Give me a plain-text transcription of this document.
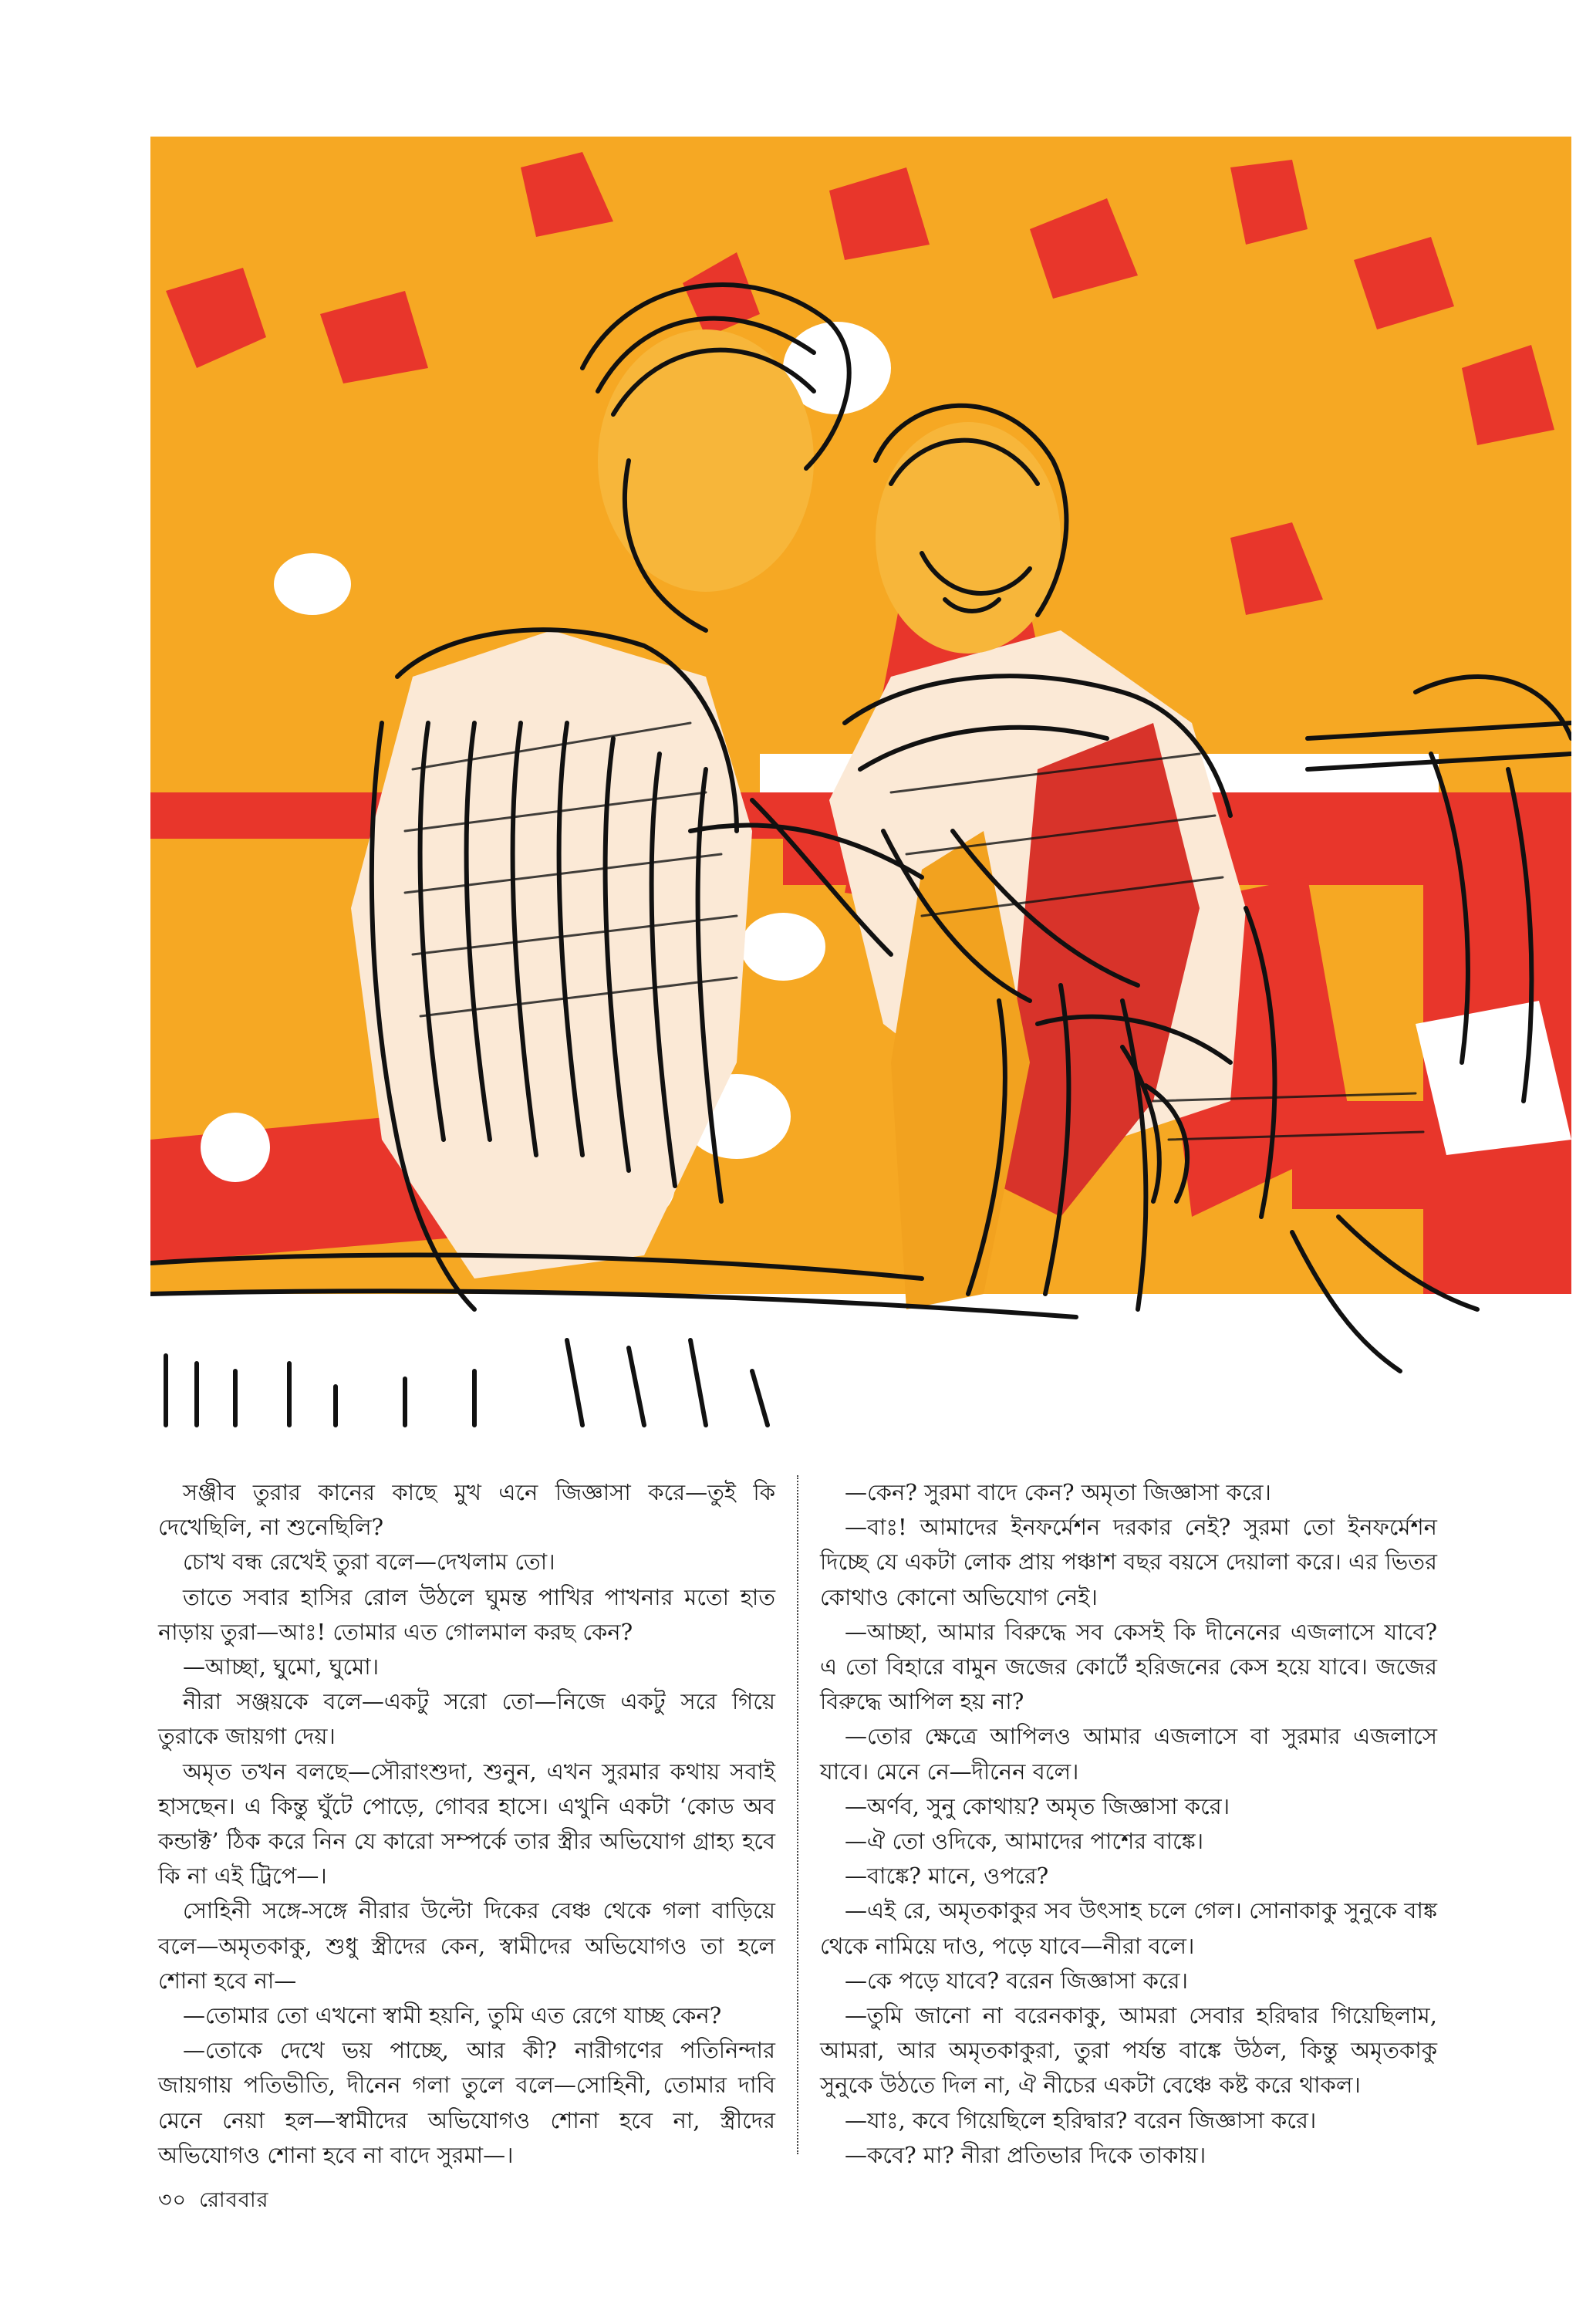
সঞ্জীব তুরার কানের কাছে মুখ এনে জিজ্ঞাসা করে—তুই কি দেখেছিলি, না শুনেছিলি?

চোখ বন্ধ রেখেই তুরা বলে—দেখলাম তো।

তাতে সবার হাসির রোল উঠলে ঘুমন্ত পাখির পাখনার মতো হাত নাড়ায় তুরা—আঃ! তোমার এত গোলমাল করছ কেন?

—আচ্ছা, ঘুমো, ঘুমো।

নীরা সঞ্জয়কে বলে—একটু সরো তো—নিজে একটু সরে গিয়ে তুরাকে জায়গা দেয়।

অমৃত তখন বলছে—সৌরাংশুদা, শুনুন, এখন সুরমার কথায় সবাই হাসছেন। এ কিন্তু ঘুঁটে পোড়ে, গোবর হাসে। এখুনি একটা ‘কোড অব কন্ডাক্ট’ ঠিক করে নিন যে কারো সম্পর্কে তার স্ত্রীর অভিযোগ গ্রাহ্য হবে কি না এই ট্রিপে—।

সোহিনী সঙ্গে-সঙ্গে নীরার উল্টো দিকের বেঞ্চ থেকে গলা বাড়িয়ে বলে—অমৃতকাকু, শুধু স্ত্রীদের কেন, স্বামীদের অভিযোগও তা হলে শোনা হবে না—

—তোমার তো এখনো স্বামী হয়নি, তুমি এত রেগে যাচ্ছ কেন?

—তোকে দেখে ভয় পাচ্ছে, আর কী? নারীগণের পতিনিন্দার জায়গায় পতিভীতি, দীনেন গলা তুলে বলে—সোহিনী, তোমার দাবি মেনে নেয়া হল—স্বামীদের অভিযোগও শোনা হবে না, স্ত্রীদের অভিযোগও শোনা হবে না বাদে সুরমা—।

—কেন? সুরমা বাদে কেন? অমৃতা জিজ্ঞাসা করে।

—বাঃ! আমাদের ইনফর্মেশন দরকার নেই? সুরমা তো ইনফর্মেশন দিচ্ছে যে একটা লোক প্রায় পঞ্চাশ বছর বয়সে দেয়ালা করে। এর ভিতর কোথাও কোনো অভিযোগ নেই।

—আচ্ছা, আমার বিরুদ্ধে সব কেসই কি দীনেনের এজলাসে যাবে? এ তো বিহারে বামুন জজের কোর্টে হরিজনের কেস হয়ে যাবে। জজের বিরুদ্ধে আপিল হয় না?

—তোর ক্ষেত্রে আপিলও আমার এজলাসে বা সুরমার এজলাসে যাবে। মেনে নে—দীনেন বলে।

—অর্ণব, সুনু কোথায়? অমৃত জিজ্ঞাসা করে।

—ঐ তো ওদিকে, আমাদের পাশের বাঙ্কে।

—বাঙ্কে? মানে, ওপরে?

—এই রে, অমৃতকাকুর সব উৎসাহ চলে গেল। সোনাকাকু সুনুকে বাঙ্ক থেকে নামিয়ে দাও, পড়ে যাবে—নীরা বলে।

—কে পড়ে যাবে? বরেন জিজ্ঞাসা করে।

—তুমি জানো না বরেনকাকু, আমরা সেবার হরিদ্বার গিয়েছিলাম, আমরা, আর অমৃতকাকুরা, তুরা পর্যন্ত বাঙ্কে উঠল, কিন্তু অমৃতকাকু সুনুকে উঠতে দিল না, ঐ নীচের একটা বেঞ্চে কষ্ট করে থাকল।

—যাঃ, কবে গিয়েছিলে হরিদ্বার? বরেন জিজ্ঞাসা করে।

—কবে? মা? নীরা প্রতিভার দিকে তাকায়।

৩০ রোববার
